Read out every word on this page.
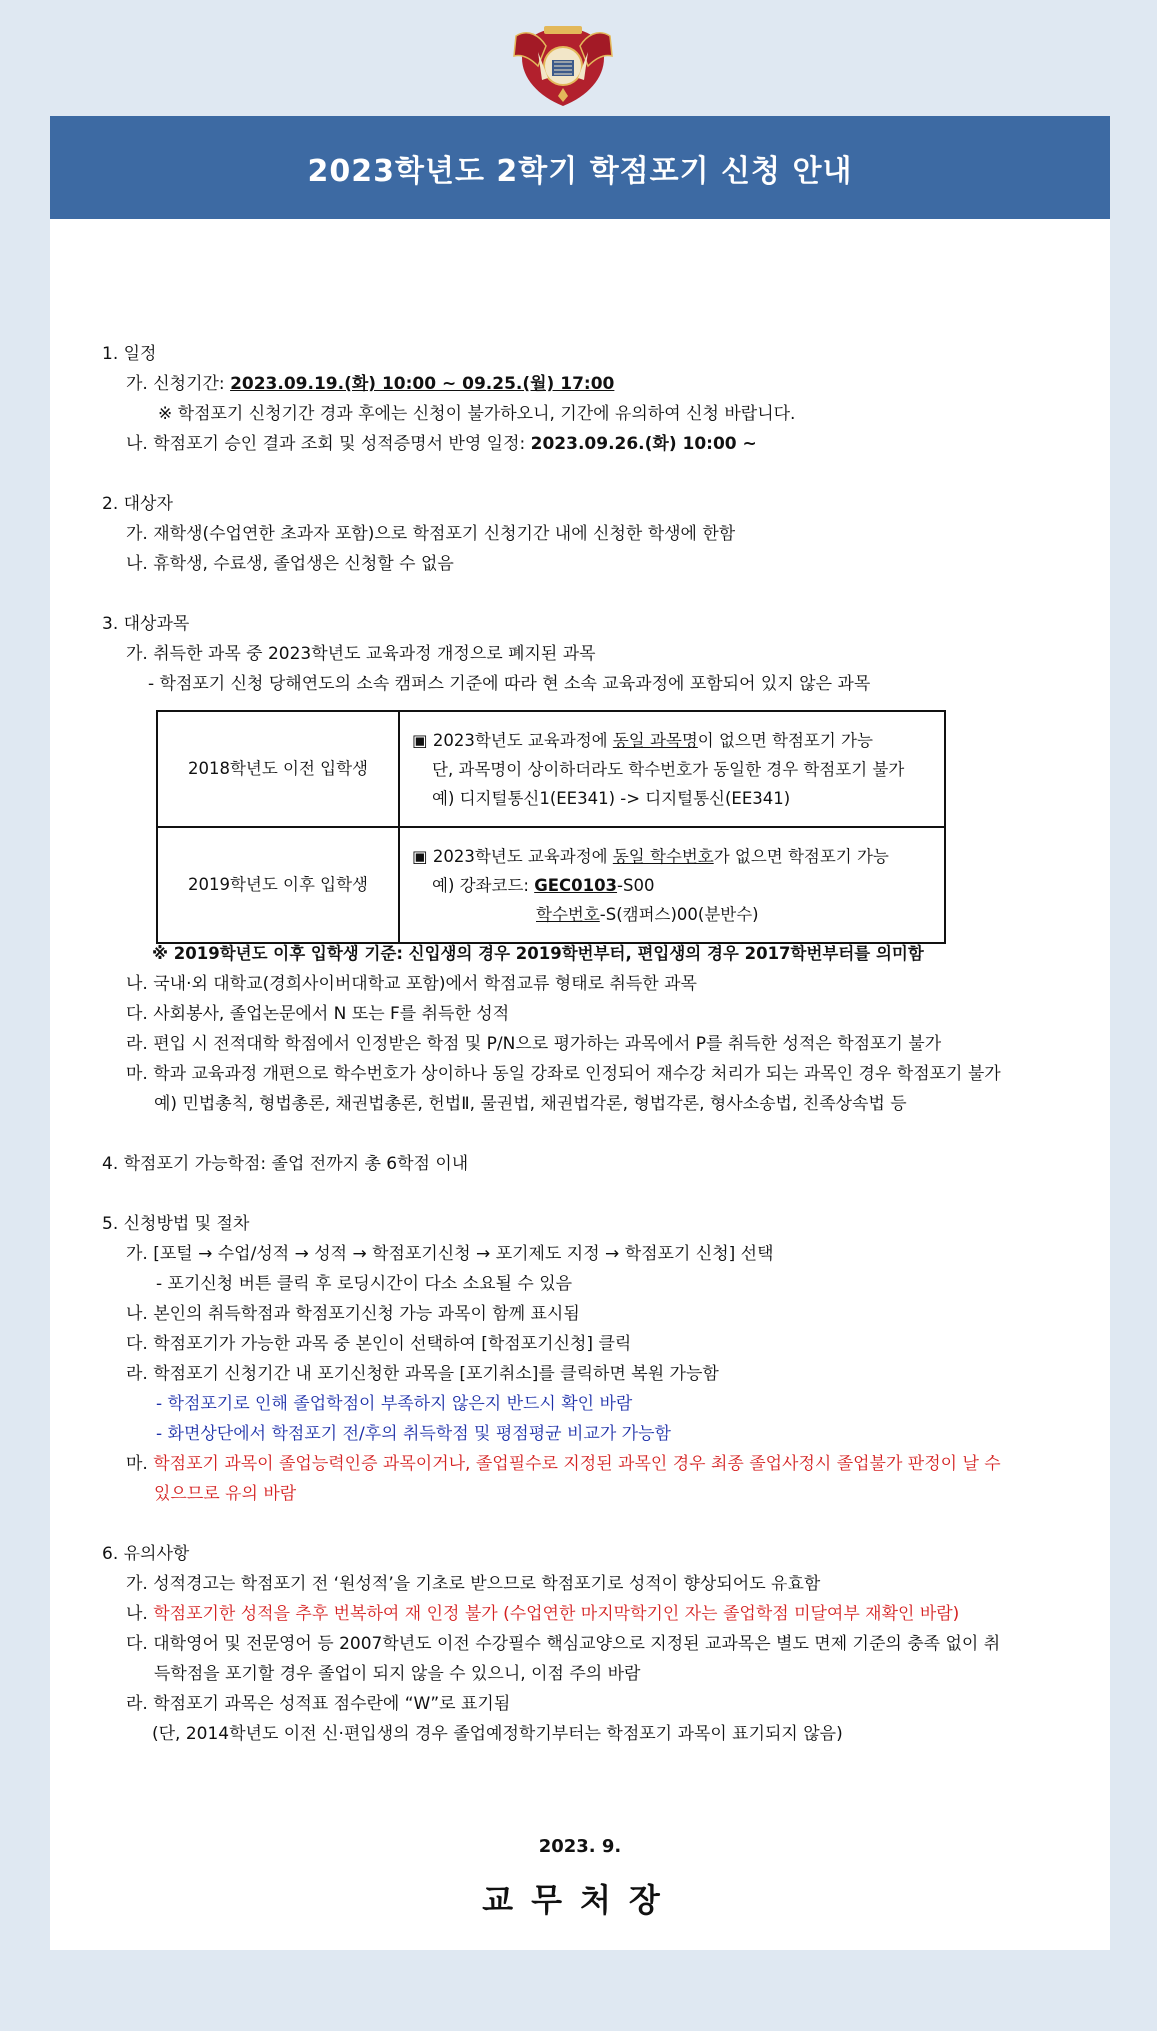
2023학년도 2학기 학점포기 신청 안내
1. 일정
가. 신청기간: 2023.09.19.(화) 10:00 ~ 09.25.(월) 17:00
※ 학점포기 신청기간 경과 후에는 신청이 불가하오니, 기간에 유의하여 신청 바랍니다.
나. 학점포기 승인 결과 조회 및 성적증명서 반영 일정: 2023.09.26.(화) 10:00 ~
2. 대상자
가. 재학생(수업연한 초과자 포함)으로 학점포기 신청기간 내에 신청한 학생에 한함
나. 휴학생, 수료생, 졸업생은 신청할 수 없음
3. 대상과목
가. 취득한 과목 중 2023학년도 교육과정 개정으로 폐지된 과목
- 학점포기 신청 당해연도의 소속 캠퍼스 기준에 따라 현 소속 교육과정에 포함되어 있지 않은 과목
2018학년도 이전 입학생	▣ 2023학년도 교육과정에 동일 과목명이 없으면 학점포기 가능
단, 과목명이 상이하더라도 학수번호가 동일한 경우 학점포기 불가
예) 디지털통신1(EE341) -> 디지털통신(EE341)

2019학년도 이후 입학생	▣ 2023학년도 교육과정에 동일 학수번호가 없으면 학점포기 가능
예) 강좌코드: GEC0103-S00
학수번호-S(캠퍼스)00(분반수)
※ 2019학년도 이후 입학생 기준: 신입생의 경우 2019학번부터, 편입생의 경우 2017학번부터를 의미함
나. 국내·외 대학교(경희사이버대학교 포함)에서 학점교류 형태로 취득한 과목
다. 사회봉사, 졸업논문에서 N 또는 F를 취득한 성적
라. 편입 시 전적대학 학점에서 인정받은 학점 및 P/N으로 평가하는 과목에서 P를 취득한 성적은 학점포기 불가
마. 학과 교육과정 개편으로 학수번호가 상이하나 동일 강좌로 인정되어 재수강 처리가 되는 과목인 경우 학점포기 불가
예) 민법총칙, 형법총론, 채권법총론, 헌법Ⅱ, 물권법, 채권법각론, 형법각론, 형사소송법, 친족상속법 등
4. 학점포기 가능학점: 졸업 전까지 총 6학점 이내
5. 신청방법 및 절차
가. [포털 → 수업/성적 → 성적 → 학점포기신청 → 포기제도 지정 → 학점포기 신청] 선택
- 포기신청 버튼 클릭 후 로딩시간이 다소 소요될 수 있음
나. 본인의 취득학점과 학점포기신청 가능 과목이 함께 표시됨
다. 학점포기가 가능한 과목 중 본인이 선택하여 [학점포기신청] 클릭
라. 학점포기 신청기간 내 포기신청한 과목을 [포기취소]를 클릭하면 복원 가능함
- 학점포기로 인해 졸업학점이 부족하지 않은지 반드시 확인 바람
- 화면상단에서 학점포기 전/후의 취득학점 및 평점평균 비교가 가능함
마. 학점포기 과목이 졸업능력인증 과목이거나, 졸업필수로 지정된 과목인 경우 최종 졸업사정시 졸업불가 판정이 날 수
있으므로 유의 바람
6. 유의사항
가. 성적경고는 학점포기 전 ‘원성적’을 기초로 받으므로 학점포기로 성적이 향상되어도 유효함
나. 학점포기한 성적을 추후 번복하여 재 인정 불가 (수업연한 마지막학기인 자는 졸업학점 미달여부 재확인 바람)
다. 대학영어 및 전문영어 등 2007학년도 이전 수강필수 핵심교양으로 지정된 교과목은 별도 면제 기준의 충족 없이 취
득학점을 포기할 경우 졸업이 되지 않을 수 있으니, 이점 주의 바람
라. 학점포기 과목은 성적표 점수란에 “W”로 표기됨
(단, 2014학년도 이전 신·편입생의 경우 졸업예정학기부터는 학점포기 과목이 표기되지 않음)
2023. 9.
교무처장
